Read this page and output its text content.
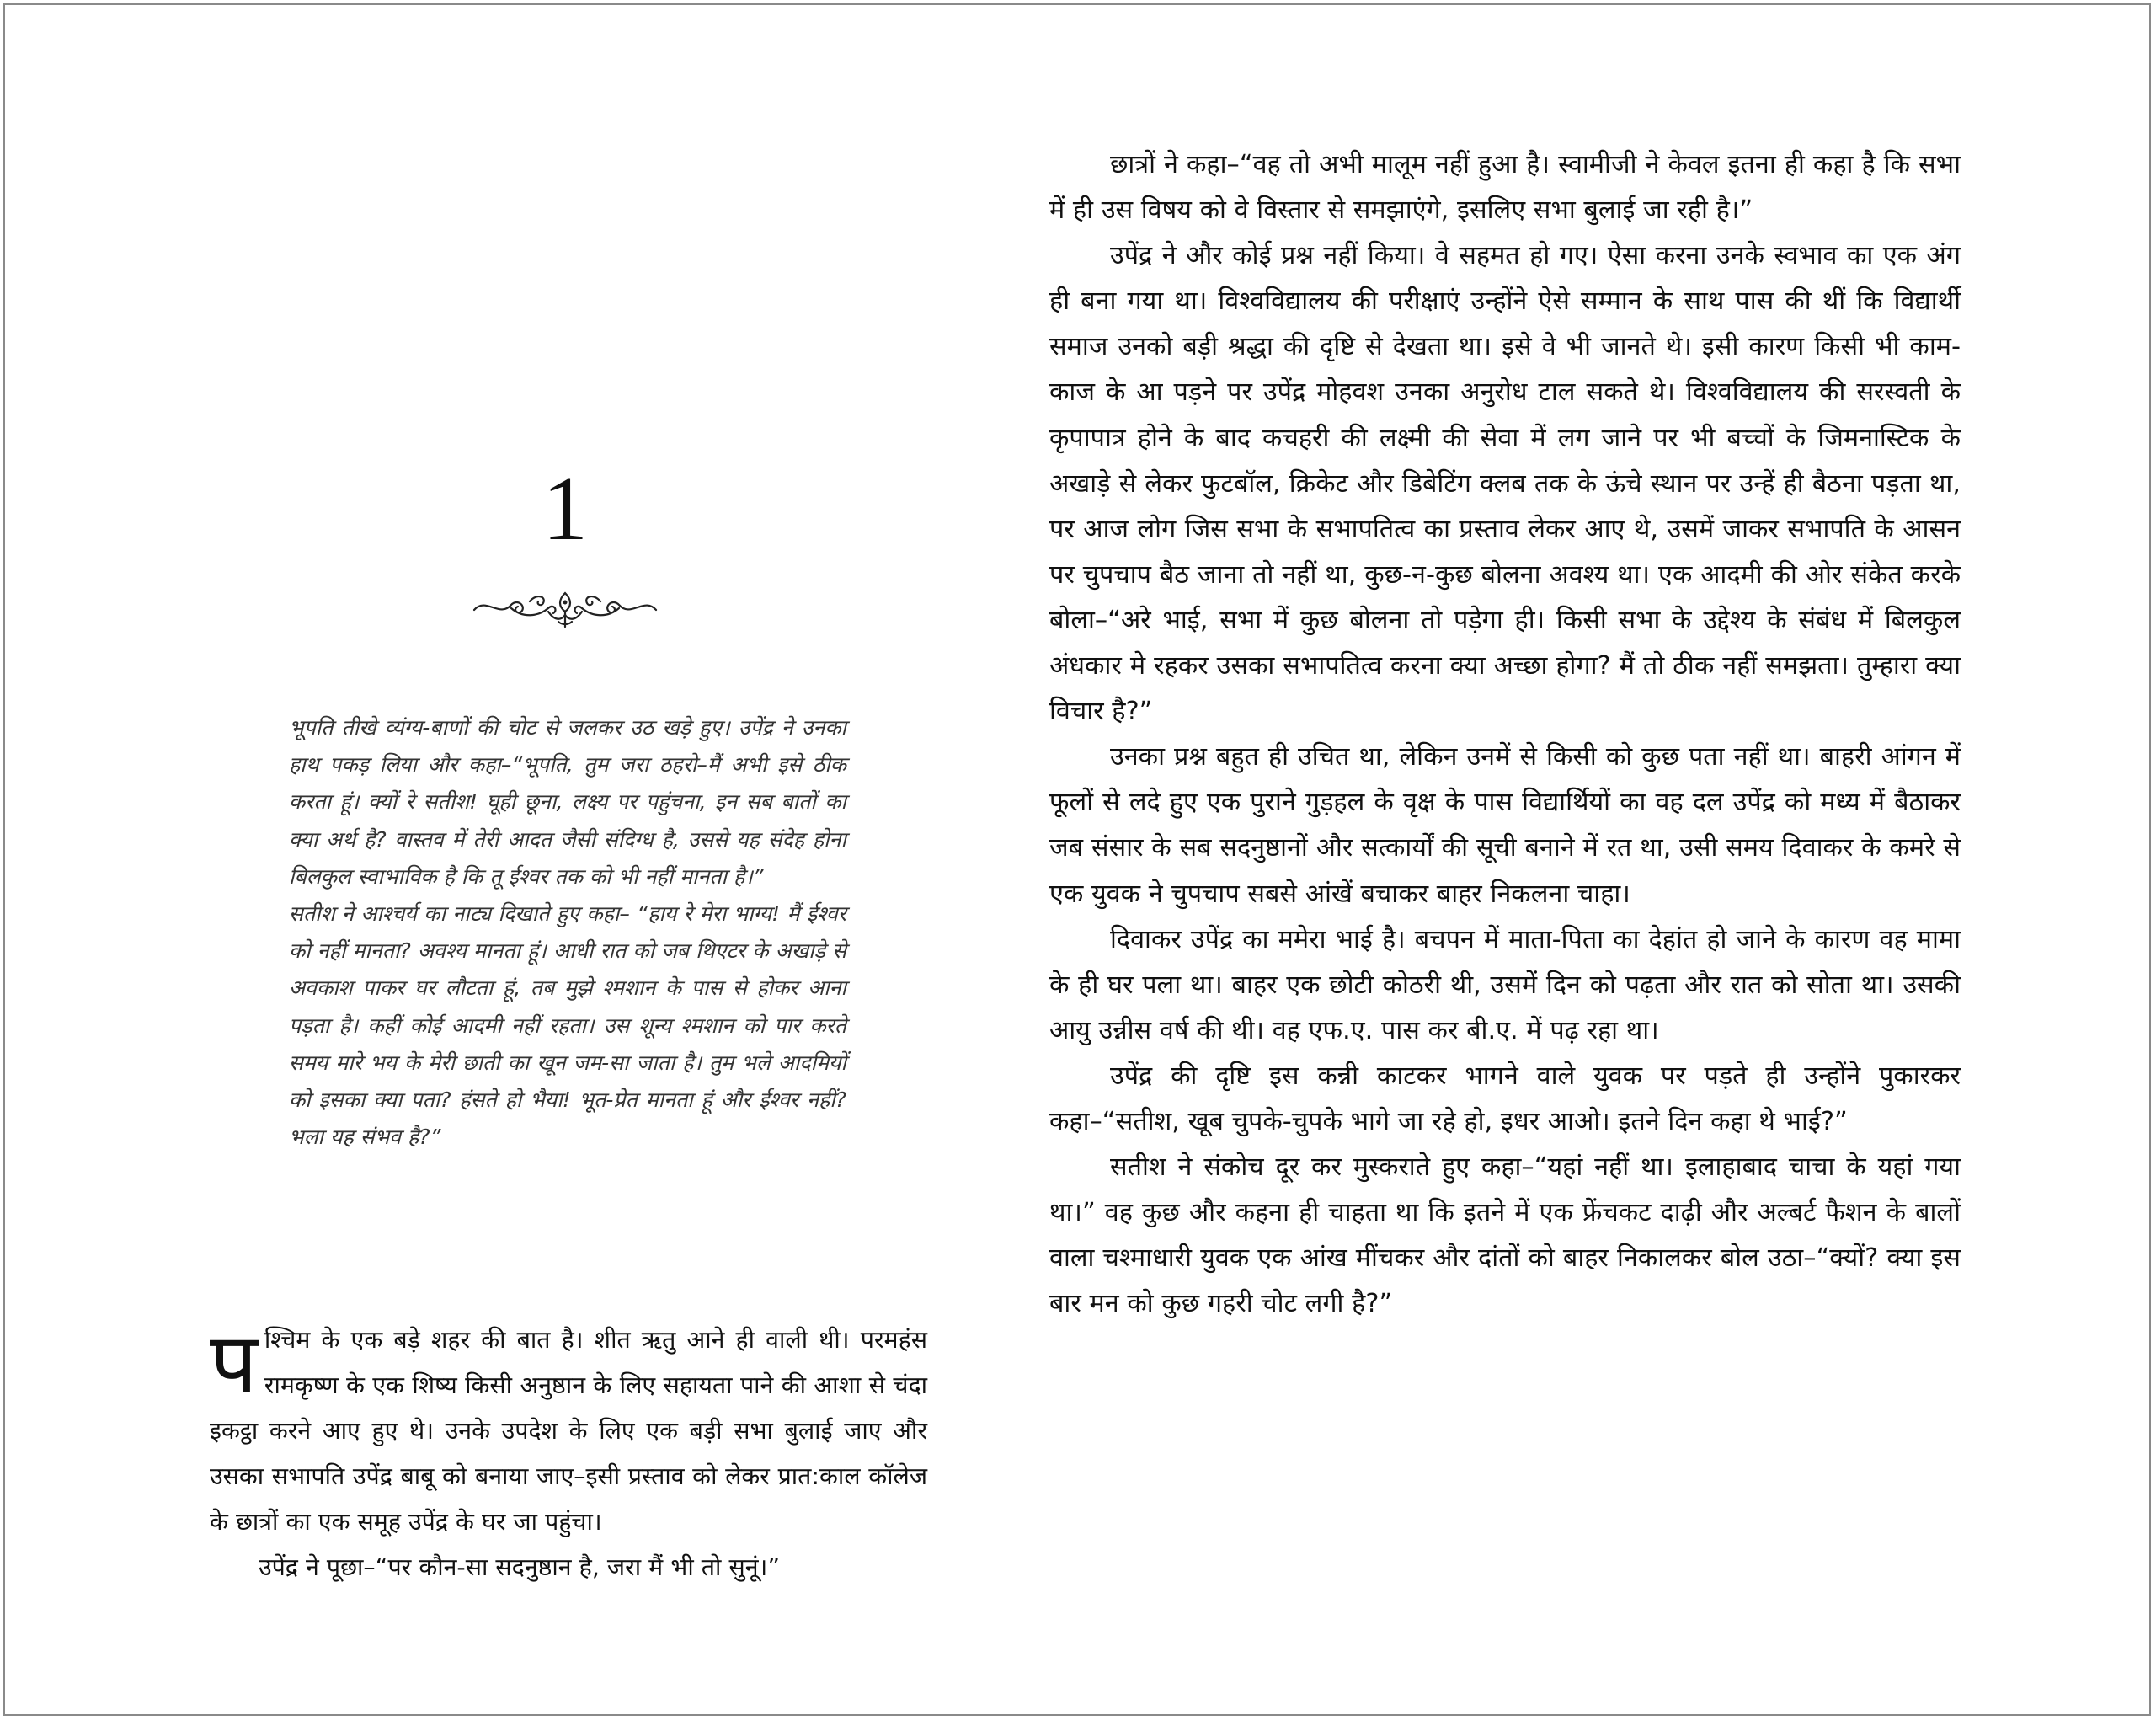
1

भूपति तीखे व्यंग्य-बाणों की चोट से जलकर उठ खड़े हुए। उपेंद्र ने उनका हाथ पकड़ लिया और कहा–“भूपति, तुम जरा ठहरो–मैं अभी इसे ठीक करता हूं। क्यों रे सतीश! घूही छूना, लक्ष्य पर पहुंचना, इन सब बातों का क्या अर्थ है? वास्तव में तेरी आदत जैसी संदिग्ध है, उससे यह संदेह होना बिलकुल स्वाभाविक है कि तू ईश्वर तक को भी नहीं मानता है।”

सतीश ने आश्चर्य का नाट्य दिखाते हुए कहा– “हाय रे मेरा भाग्य! मैं ईश्वर को नहीं मानता? अवश्य मानता हूं। आधी रात को जब थिएटर के अखाड़े से अवकाश पाकर घर लौटता हूं, तब मुझे श्मशान के पास से होकर आना पड़ता है। कहीं कोई आदमी नहीं रहता। उस शून्य श्मशान को पार करते समय मारे भय के मेरी छाती का खून जम-सा जाता है। तुम भले आदमियों को इसका क्या पता? हंसते हो भैया! भूत-प्रेत मानता हूं और ईश्वर नहीं? भला यह संभव है?”

पश्चिम के एक बड़े शहर की बात है। शीत ऋतु आने ही वाली थी। परमहंस रामकृष्ण के एक शिष्य किसी अनुष्ठान के लिए सहायता पाने की आशा से चंदा इकट्ठा करने आए हुए थे। उनके उपदेश के लिए एक बड़ी सभा बुलाई जाए और उसका सभापति उपेंद्र बाबू को बनाया जाए–इसी प्रस्ताव को लेकर प्रात:काल कॉलेज के छात्रों का एक समूह उपेंद्र के घर जा पहुंचा।

उपेंद्र ने पूछा–“पर कौन-सा सदनुष्ठान है, जरा मैं भी तो सुनूं।”

छात्रों ने कहा–“वह तो अभी मालूम नहीं हुआ है। स्वामीजी ने केवल इतना ही कहा है कि सभा में ही उस विषय को वे विस्तार से समझाएंगे, इसलिए सभा बुलाई जा रही है।”

उपेंद्र ने और कोई प्रश्न नहीं किया। वे सहमत हो गए। ऐसा करना उनके स्वभाव का एक अंग ही बना गया था। विश्वविद्यालय की परीक्षाएं उन्होंने ऐसे सम्मान के साथ पास की थीं कि विद्यार्थी समाज उनको बड़ी श्रद्धा की दृष्टि से देखता था। इसे वे भी जानते थे। इसी कारण किसी भी काम-काज के आ पड़ने पर उपेंद्र मोहवश उनका अनुरोध टाल सकते थे। विश्वविद्यालय की सरस्वती के कृपापात्र होने के बाद कचहरी की लक्ष्मी की सेवा में लग जाने पर भी बच्चों के जिमनास्टिक के अखाड़े से लेकर फुटबॉल, क्रिकेट और डिबेटिंग क्लब तक के ऊंचे स्थान पर उन्हें ही बैठना पड़ता था, पर आज लोग जिस सभा के सभापतित्व का प्रस्ताव लेकर आए थे, उसमें जाकर सभापति के आसन पर चुपचाप बैठ जाना तो नहीं था, कुछ-न-कुछ बोलना अवश्य था। एक आदमी की ओर संकेत करके बोला–“अरे भाई, सभा में कुछ बोलना तो पड़ेगा ही। किसी सभा के उद्देश्य के संबंध में बिलकुल अंधकार मे रहकर उसका सभापतित्व करना क्या अच्छा होगा? मैं तो ठीक नहीं समझता। तुम्हारा क्या विचार है?”

उनका प्रश्न बहुत ही उचित था, लेकिन उनमें से किसी को कुछ पता नहीं था। बाहरी आंगन में फूलों से लदे हुए एक पुराने गुड़हल के वृक्ष के पास विद्यार्थियों का वह दल उपेंद्र को मध्य में बैठाकर जब संसार के सब सदनुष्ठानों और सत्कार्यों की सूची बनाने में रत था, उसी समय दिवाकर के कमरे से एक युवक ने चुपचाप सबसे आंखें बचाकर बाहर निकलना चाहा।

दिवाकर उपेंद्र का ममेरा भाई है। बचपन में माता-पिता का देहांत हो जाने के कारण वह मामा के ही घर पला था। बाहर एक छोटी कोठरी थी, उसमें दिन को पढ़ता और रात को सोता था। उसकी आयु उन्नीस वर्ष की थी। वह एफ.ए. पास कर बी.ए. में पढ़ रहा था।

उपेंद्र की दृष्टि इस कन्नी काटकर भागने वाले युवक पर पड़ते ही उन्होंने पुकारकर कहा–“सतीश, खूब चुपके-चुपके भागे जा रहे हो, इधर आओ। इतने दिन कहा थे भाई?”

सतीश ने संकोच दूर कर मुस्कराते हुए कहा–“यहां नहीं था। इलाहाबाद चाचा के यहां गया था।” वह कुछ और कहना ही चाहता था कि इतने में एक फ्रेंचकट दाढ़ी और अल्बर्ट फैशन के बालों वाला चश्माधारी युवक एक आंख मींचकर और दांतों को बाहर निकालकर बोल उठा–“क्यों? क्या इस बार मन को कुछ गहरी चोट लगी है?”
